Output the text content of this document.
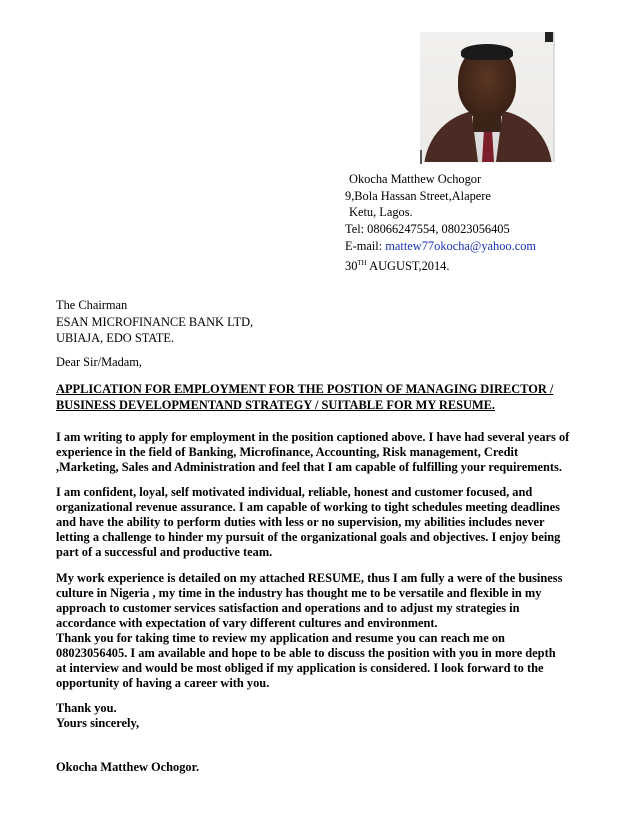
Okocha Matthew Ochogor
9,Bola Hassan Street,Alapere
Ketu, Lagos.
Tel: 08066247554, 08023056405
E-mail: mattew77okocha@yahoo.com
30TH AUGUST,2014.
The Chairman
ESAN MICROFINANCE BANK LTD,
UBIAJA, EDO STATE.
Dear Sir/Madam,
APPLICATION FOR EMPLOYMENT FOR THE POSTION OF MANAGING DIRECTOR /
BUSINESS DEVELOPMENTAND STRATEGY / SUITABLE FOR MY RESUME.
I am writing to apply for employment in the position captioned above. I have had several years of
experience in the field of Banking, Microfinance, Accounting, Risk management, Credit
,Marketing, Sales and Administration and feel that I am capable of fulfilling your requirements.
I am confident, loyal, self motivated individual, reliable, honest and customer focused, and
organizational revenue assurance. I am capable of working to tight schedules meeting deadlines
and have the ability to perform duties with less or no supervision, my abilities includes never
letting a challenge to hinder my pursuit of the organizational goals and objectives. I enjoy being
part of a successful and productive team.
My work experience is detailed on my attached RESUME, thus I am fully a were of the business
culture in Nigeria , my time in the industry has thought me to be versatile and flexible in my
approach to customer services satisfaction and operations and to adjust my strategies in
accordance with expectation of vary different cultures and environment.
Thank you for taking time to review my application and resume you can reach me on
08023056405. I am available and hope to be able to discuss the position with you in more depth
at interview and would be most obliged if my application is considered. I look forward to the
opportunity of having a career with you.
Thank you.
Yours sincerely,
Okocha Matthew Ochogor.
